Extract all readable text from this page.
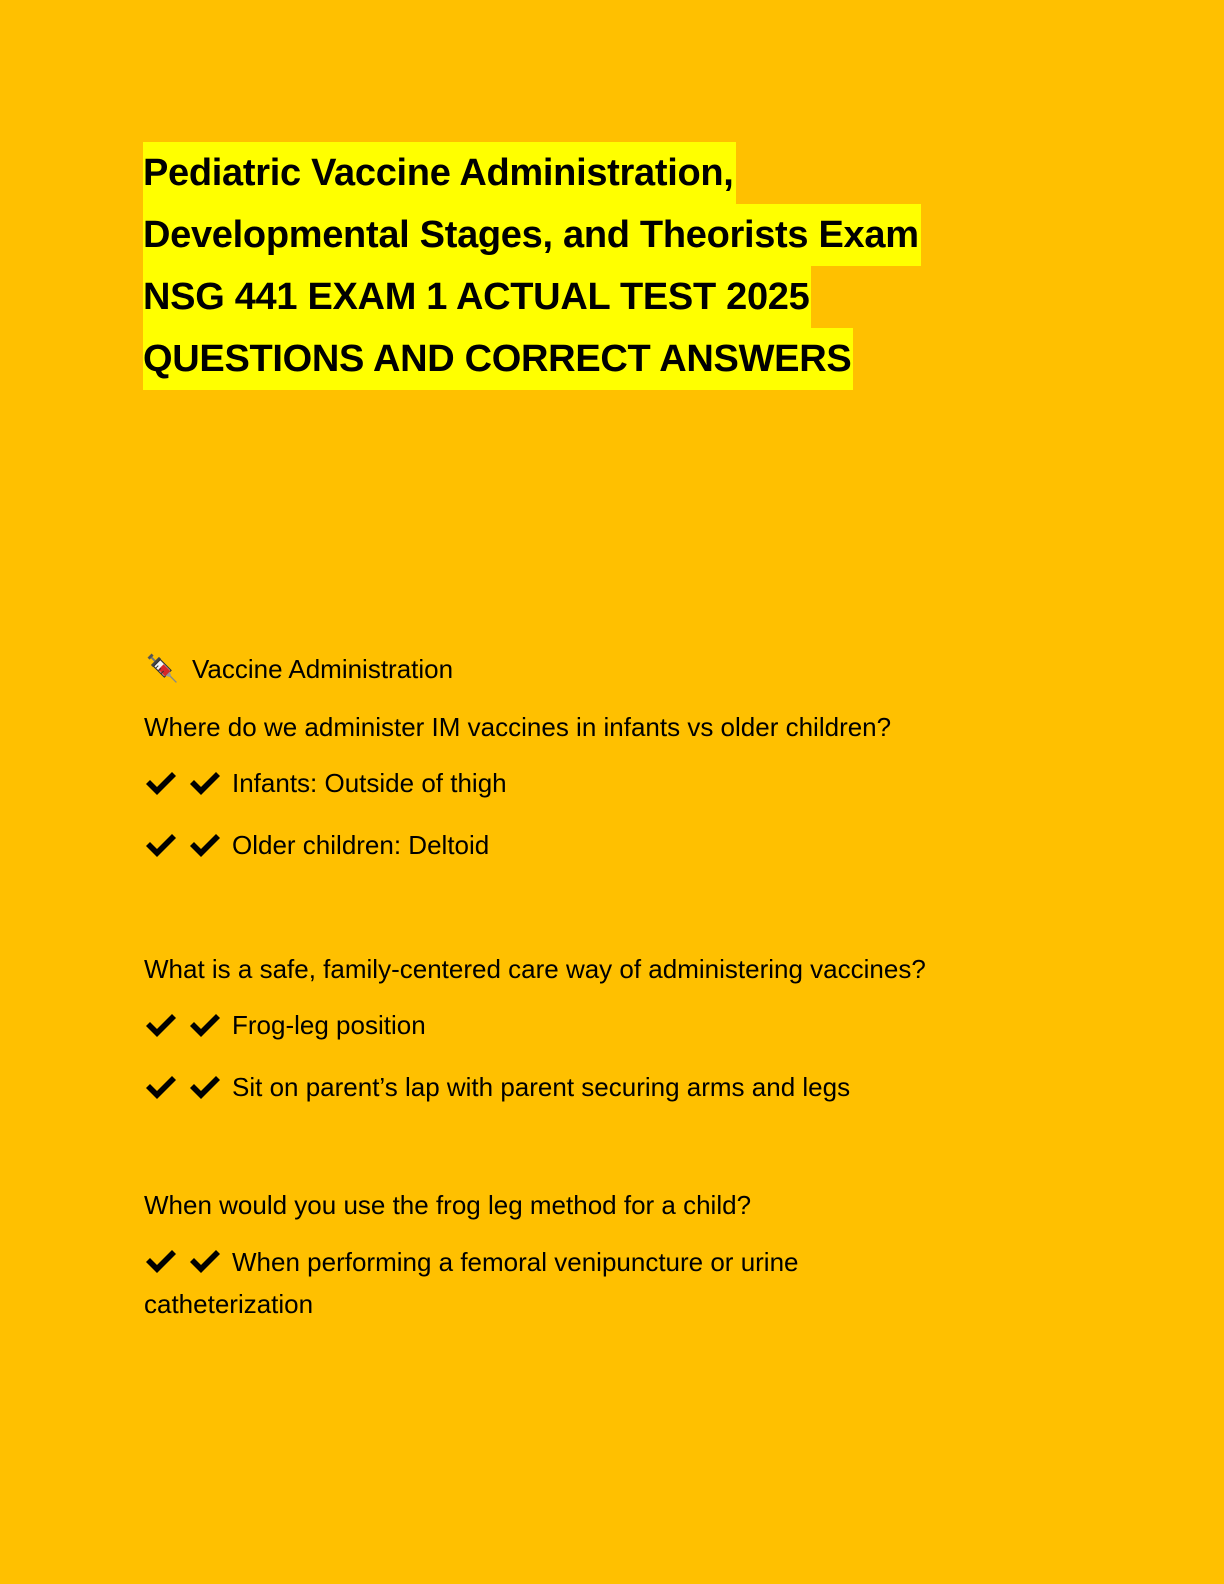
Pediatric Vaccine Administration,
Developmental Stages, and Theorists Exam
NSG 441 EXAM 1 ACTUAL TEST 2025
QUESTIONS AND CORRECT ANSWERS
Vaccine Administration
Where do we administer IM vaccines in infants vs older children?
Infants: Outside of thigh
Older children: Deltoid
What is a safe, family-centered care way of administering vaccines?
Frog-leg position
Sit on parent’s lap with parent securing arms and legs
When would you use the frog leg method for a child?
When performing a femoral venipuncture or urine catheterization
